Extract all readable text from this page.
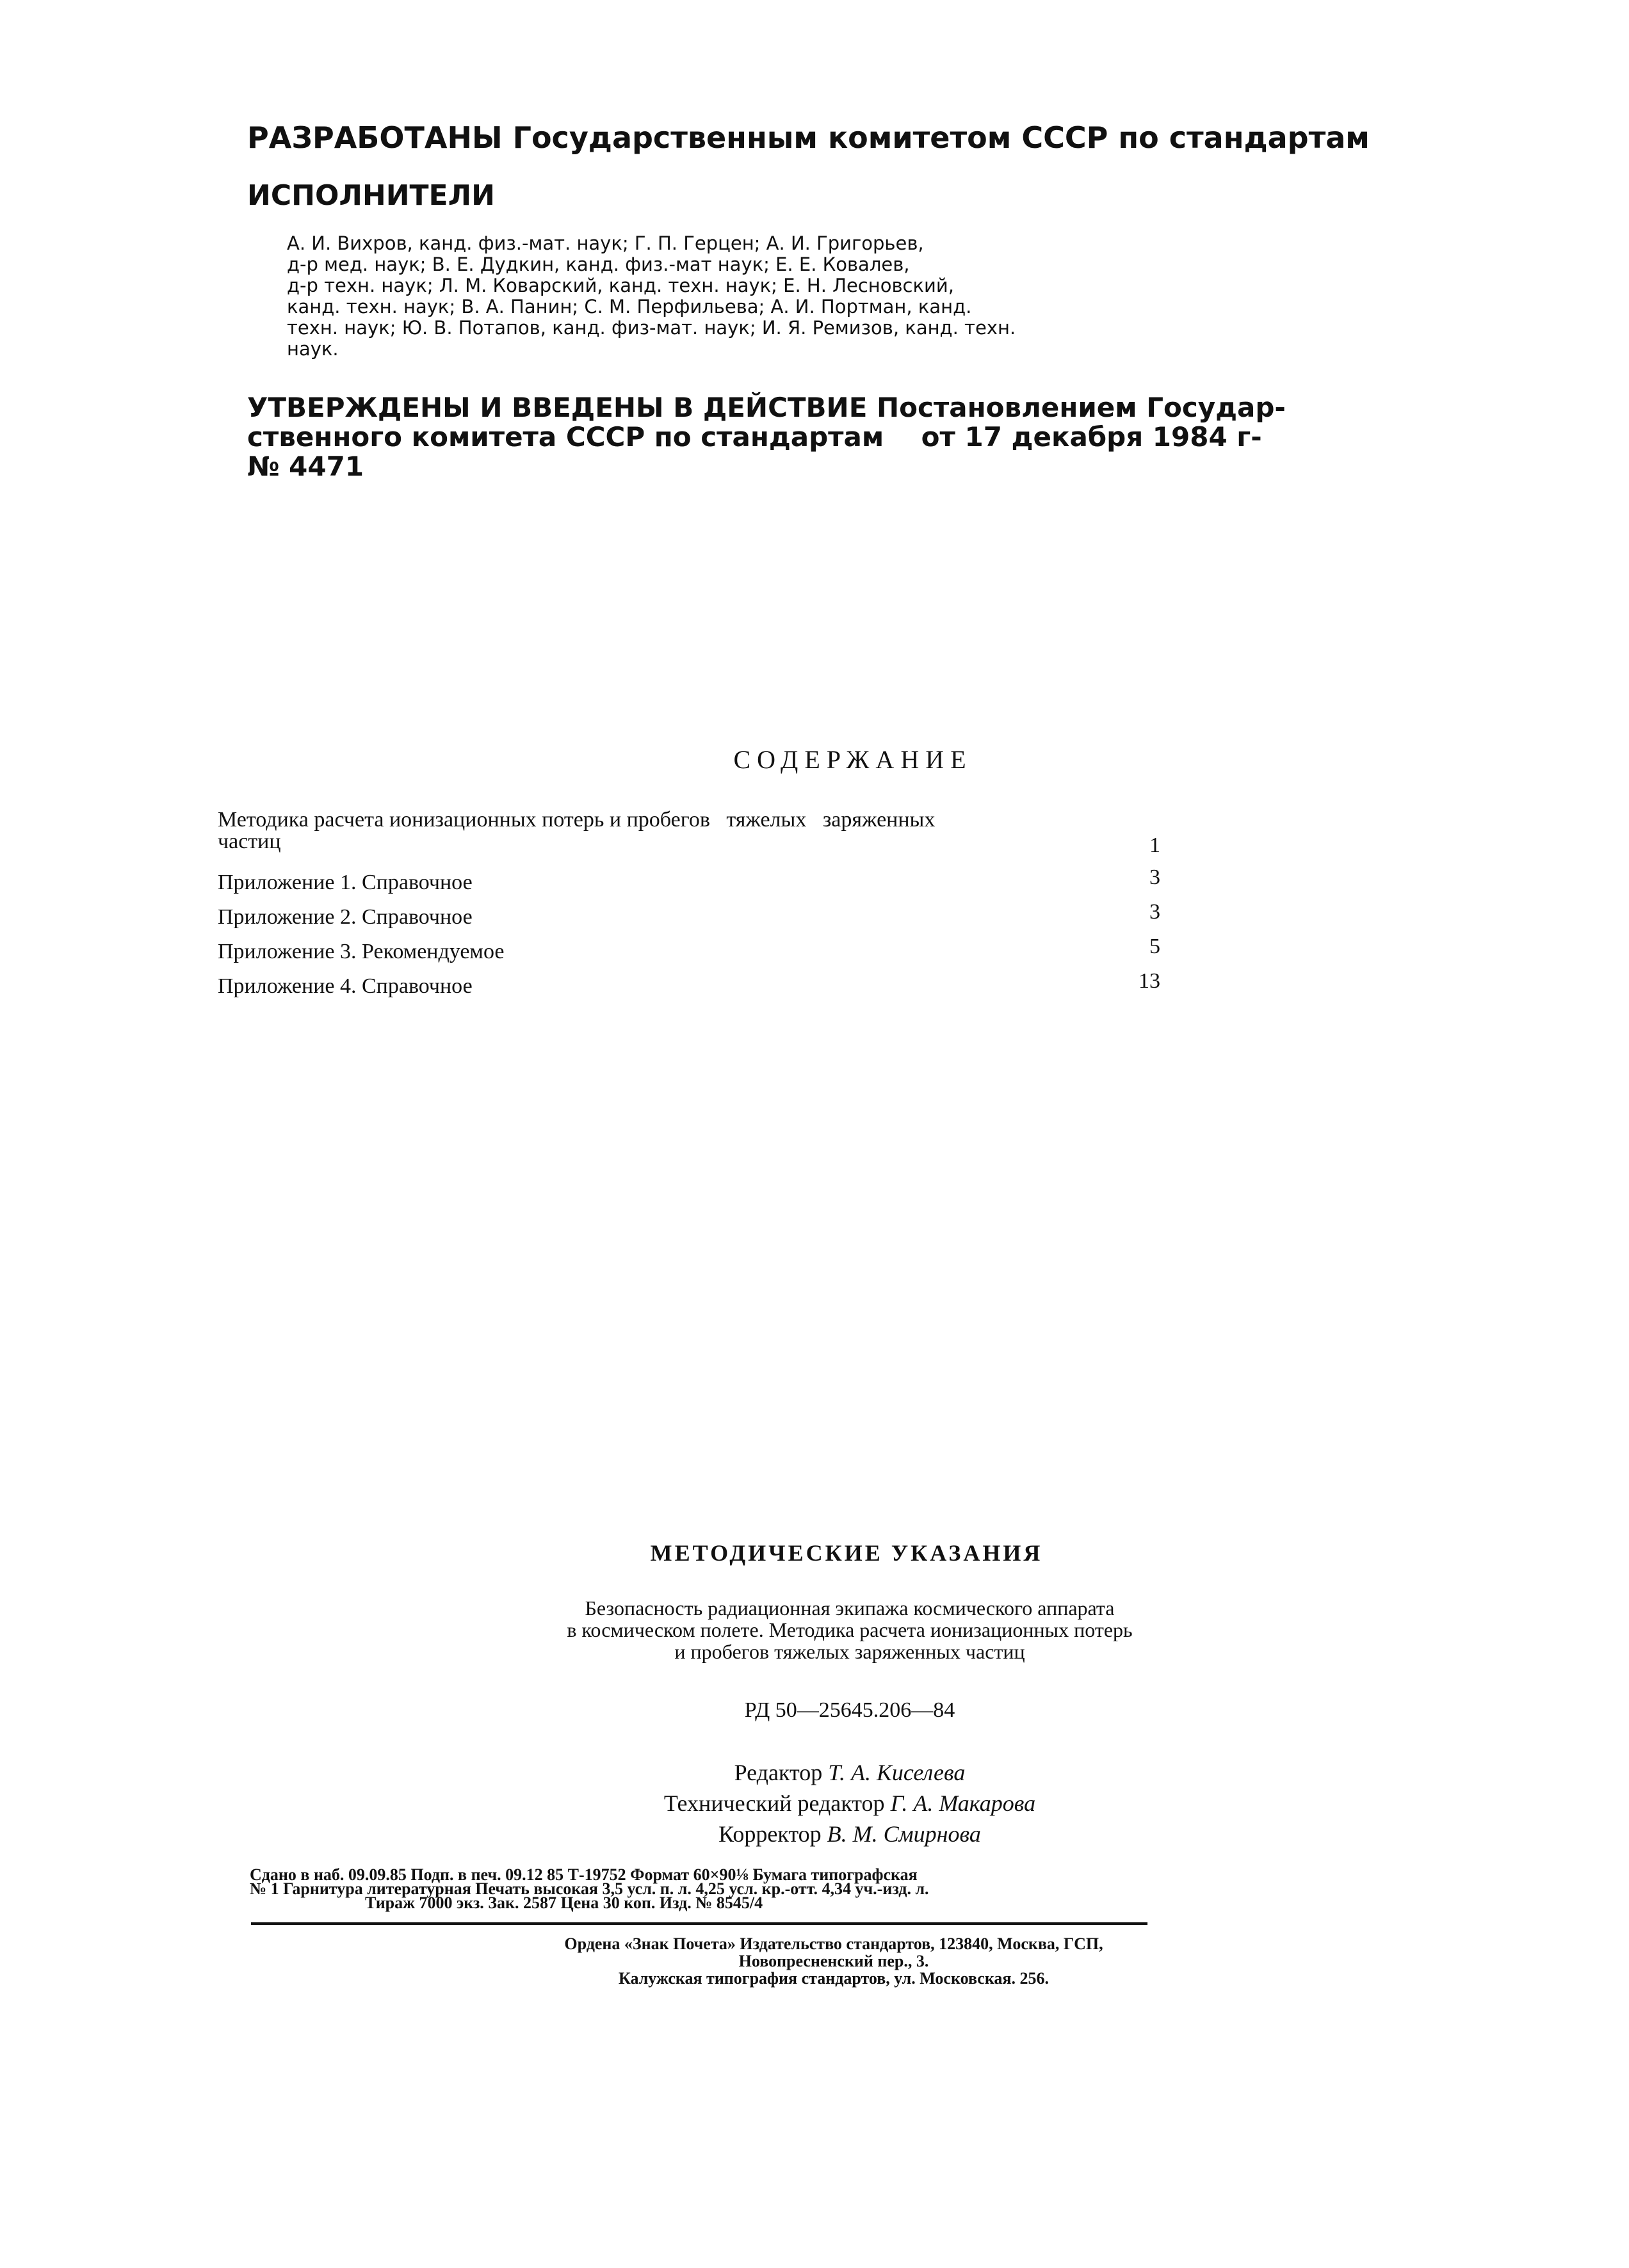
РАЗРАБОТАНЫ Государственным комитетом СССР по стандартам
ИСПОЛНИТЕЛИ

А. И. Вихров, канд. физ.-мат. наук; Г. П. Герцен; А. И. Григорьев,

д-р мед. наук; В. Е. Дудкин, канд. физ.-мат наук; Е. Е. Ковалев,

д-р техн. наук; Л. М. Коварский, канд. техн. наук; Е. Н. Лесновский,

канд. техн. наук; В. А. Панин; С. М. Перфильева; А. И. Портман, канд.

техн. наук; Ю. В. Потапов, канд. физ-мат. наук; И. Я. Ремизов, канд. техн.

наук.

УТВЕРЖДЕНЫ И ВВЕДЕНЫ В ДЕЙСТВИЕ Постановлением Государ-

ственного комитета СССР по стандартам    от 17 декабря 1984 г-

№ 4471

СОДЕРЖАНИЕ
Методика расчета ионизационных потерь и пробегов   тяжелых   заряженных
частиц	1
Приложение 1. Справочное	3
Приложение 2. Справочное	3
Приложение 3. Рекомендуемое	5
Приложение 4. Справочное	13
МЕТОДИЧЕСКИЕ УКАЗАНИЯ

Безопасность радиационная экипажа космического аппарата

в космическом полете. Методика расчета ионизационных потерь

и пробегов тяжелых заряженных частиц

РД 50—25645.206—84

Редактор Т. А. Киселева

Технический редактор Г. А. Макарова

Корректор В. М. Смирнова

Сдано в наб. 09.09.85 Подп. в печ. 09.12 85 Т-19752 Формат 60×90⅛ Бумага типографская

№ 1 Гарнитура литературная Печать высокая 3,5 усл. п. л. 4,25 усл. кр.-отт. 4,34 уч.-изд. л.

Тираж 7000 экз. Зак. 2587 Цена 30 коп. Изд. № 8545/4

Ордена «Знак Почета» Издательство стандартов, 123840, Москва, ГСП,

Новопресненский пер., 3.

Калужская типография стандартов, ул. Московская. 256.
